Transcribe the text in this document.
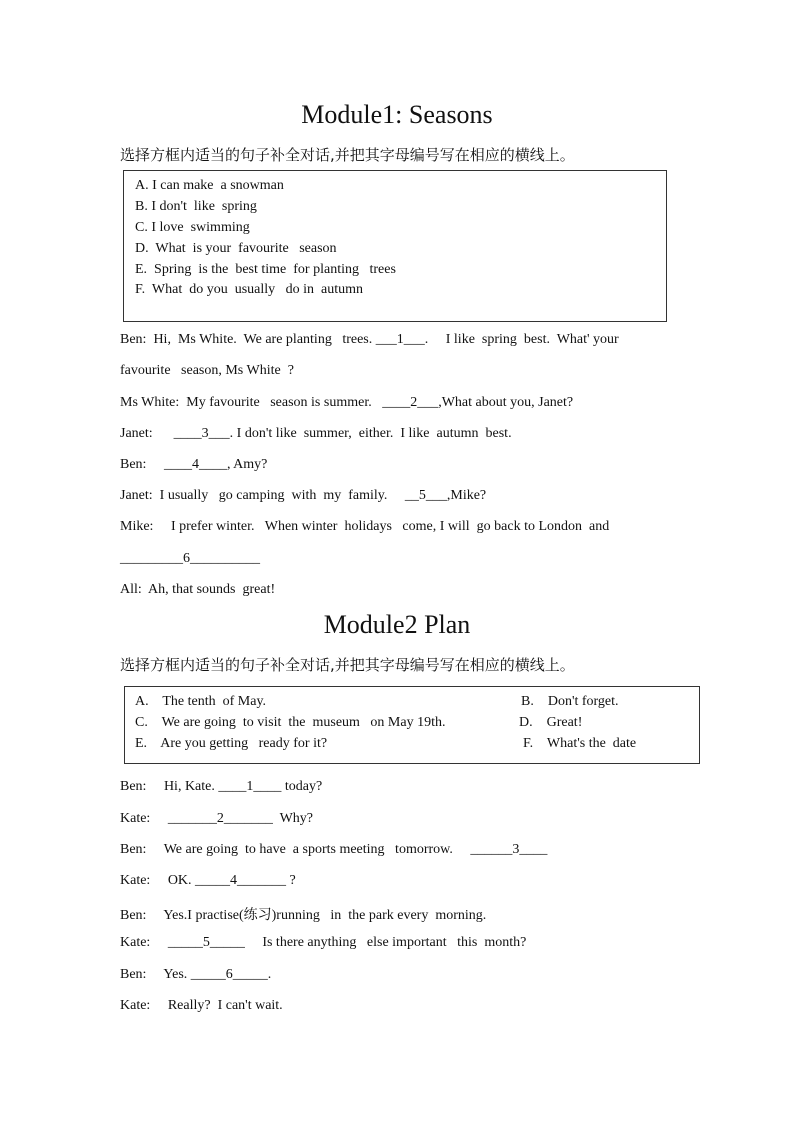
Module1: Seasons
选择方框内适当的句子补全对话,并把其字母编号写在相应的横线上。
A. I can make  a snowman
B. I don't  like  spring
C. I love  swimming
D.  What  is your  favourite   season
E.  Spring  is the  best time  for planting   trees
F.  What  do you  usually   do in  autumn
Ben:  Hi,  Ms White.  We are planting   trees. ___1___.     I like  spring  best.  What' your
favourite   season, Ms White  ?
Ms White:  My favourite   season is summer.   ____2___,What about you, Janet?
Janet:      ____3___. I don't like  summer,  either.  I like  autumn  best.
Ben:     ____4____, Amy?
Janet:  I usually   go camping  with  my  family.     __5___,Mike?
Mike:     I prefer winter.   When winter  holidays   come, I will  go back to London  and
_________6__________
All:  Ah, that sounds  great!
Module2 Plan
选择方框内适当的句子补全对话,并把其字母编号写在相应的横线上。
A.    The tenth  of May.
C.    We are going  to visit  the  museum   on May 19th.
E.    Are you getting   ready for it?
B.    Don't forget.
D.    Great!
F.    What's the  date
Ben:     Hi, Kate. ____1____ today?
Kate:     _______2_______  Why?
Ben:     We are going  to have  a sports meeting   tomorrow.     ______3____
Kate:     OK. _____4_______ ?
Ben:     Yes.I practise(练习)running   in  the park every  morning.
Kate:     _____5_____     Is there anything   else important   this  month?
Ben:     Yes. _____6_____.
Kate:     Really?  I can't wait.
